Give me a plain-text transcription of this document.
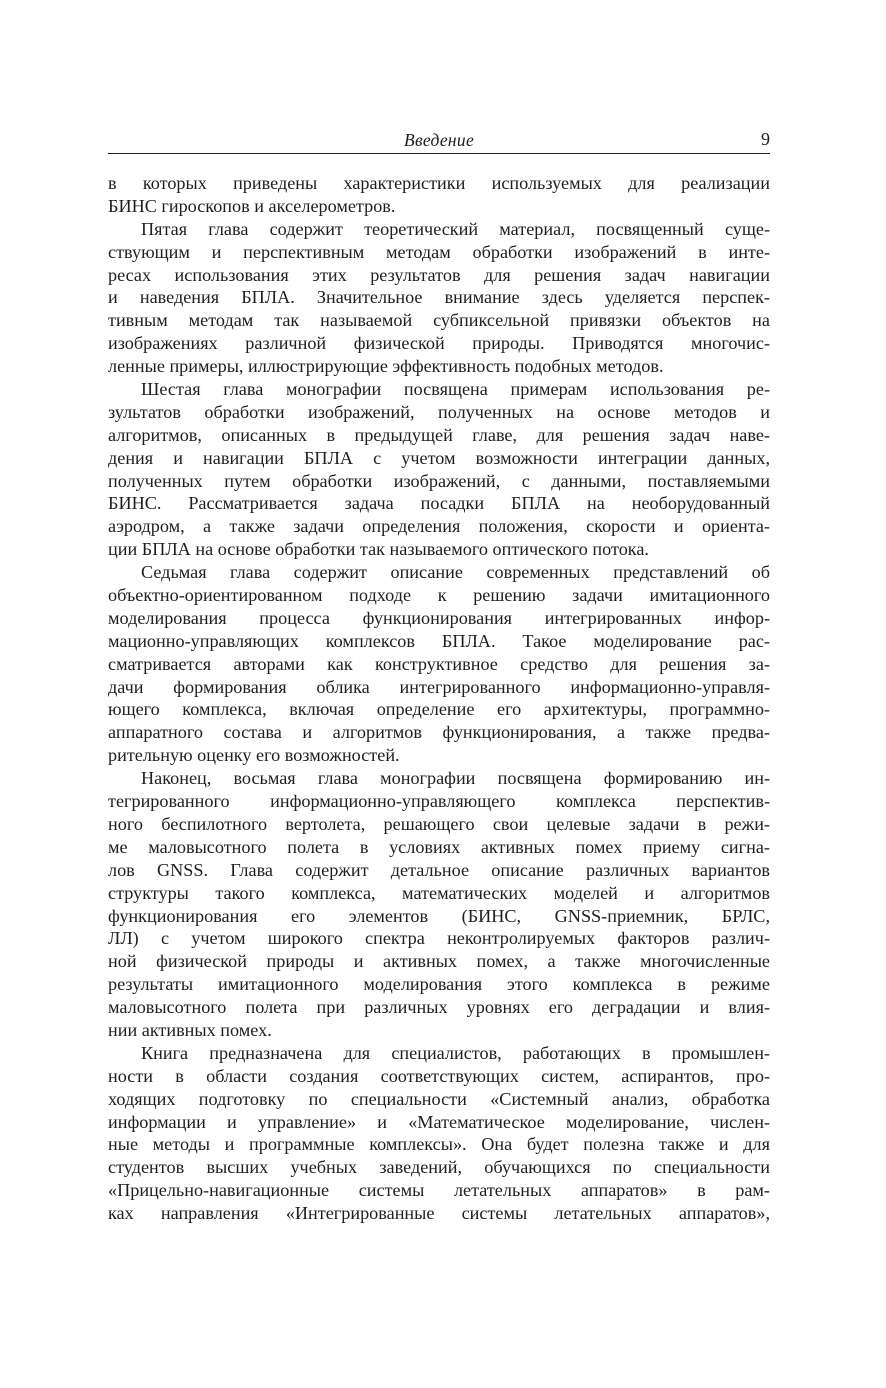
Введение	9
в которых приведены характеристики используемых для реализации
БИНС гироскопов и акселерометров.
Пятая глава содержит теоретический материал, посвященный суще-
ствующим и перспективным методам обработки изображений в инте-
ресах использования этих результатов для решения задач навигации
и наведения БПЛА. Значительное внимание здесь уделяется перспек-
тивным методам так называемой субпиксельной привязки объектов на
изображениях различной физической природы. Приводятся многочис-
ленные примеры, иллюстрирующие эффективность подобных методов.
Шестая глава монографии посвящена примерам использования ре-
зультатов обработки изображений, полученных на основе методов и
алгоритмов, описанных в предыдущей главе, для решения задач наве-
дения и навигации БПЛА с учетом возможности интеграции данных,
полученных путем обработки изображений, с данными, поставляемыми
БИНС. Рассматривается задача посадки БПЛА на необорудованный
аэродром, а также задачи определения положения, скорости и ориента-
ции БПЛА на основе обработки так называемого оптического потока.
Седьмая глава содержит описание современных представлений об
объектно-ориентированном подходе к решению задачи имитационного
моделирования процесса функционирования интегрированных инфор-
мационно-управляющих комплексов БПЛА. Такое моделирование рас-
сматривается авторами как конструктивное средство для решения за-
дачи формирования облика интегрированного информационно-управля-
ющего комплекса, включая определение его архитектуры, программно-
аппаратного состава и алгоритмов функционирования, а также предва-
рительную оценку его возможностей.
Наконец, восьмая глава монографии посвящена формированию ин-
тегрированного информационно-управляющего комплекса перспектив-
ного беспилотного вертолета, решающего свои целевые задачи в режи-
ме маловысотного полета в условиях активных помех приему сигна-
лов GNSS. Глава содержит детальное описание различных вариантов
структуры такого комплекса, математических моделей и алгоритмов
функционирования его элементов (БИНС, GNSS-приемник, БРЛС,
ЛЛ) с учетом широкого спектра неконтролируемых факторов различ-
ной физической природы и активных помех, а также многочисленные
результаты имитационного моделирования этого комплекса в режиме
маловысотного полета при различных уровнях его деградации и влия-
нии активных помех.
Книга предназначена для специалистов, работающих в промышлен-
ности в области создания соответствующих систем, аспирантов, про-
ходящих подготовку по специальности «Системный анализ, обработка
информации и управление» и «Математическое моделирование, числен-
ные методы и программные комплексы». Она будет полезна также и для
студентов высших учебных заведений, обучающихся по специальности
«Прицельно-навигационные системы летательных аппаратов» в рам-
ках направления «Интегрированные системы летательных аппаратов»,
